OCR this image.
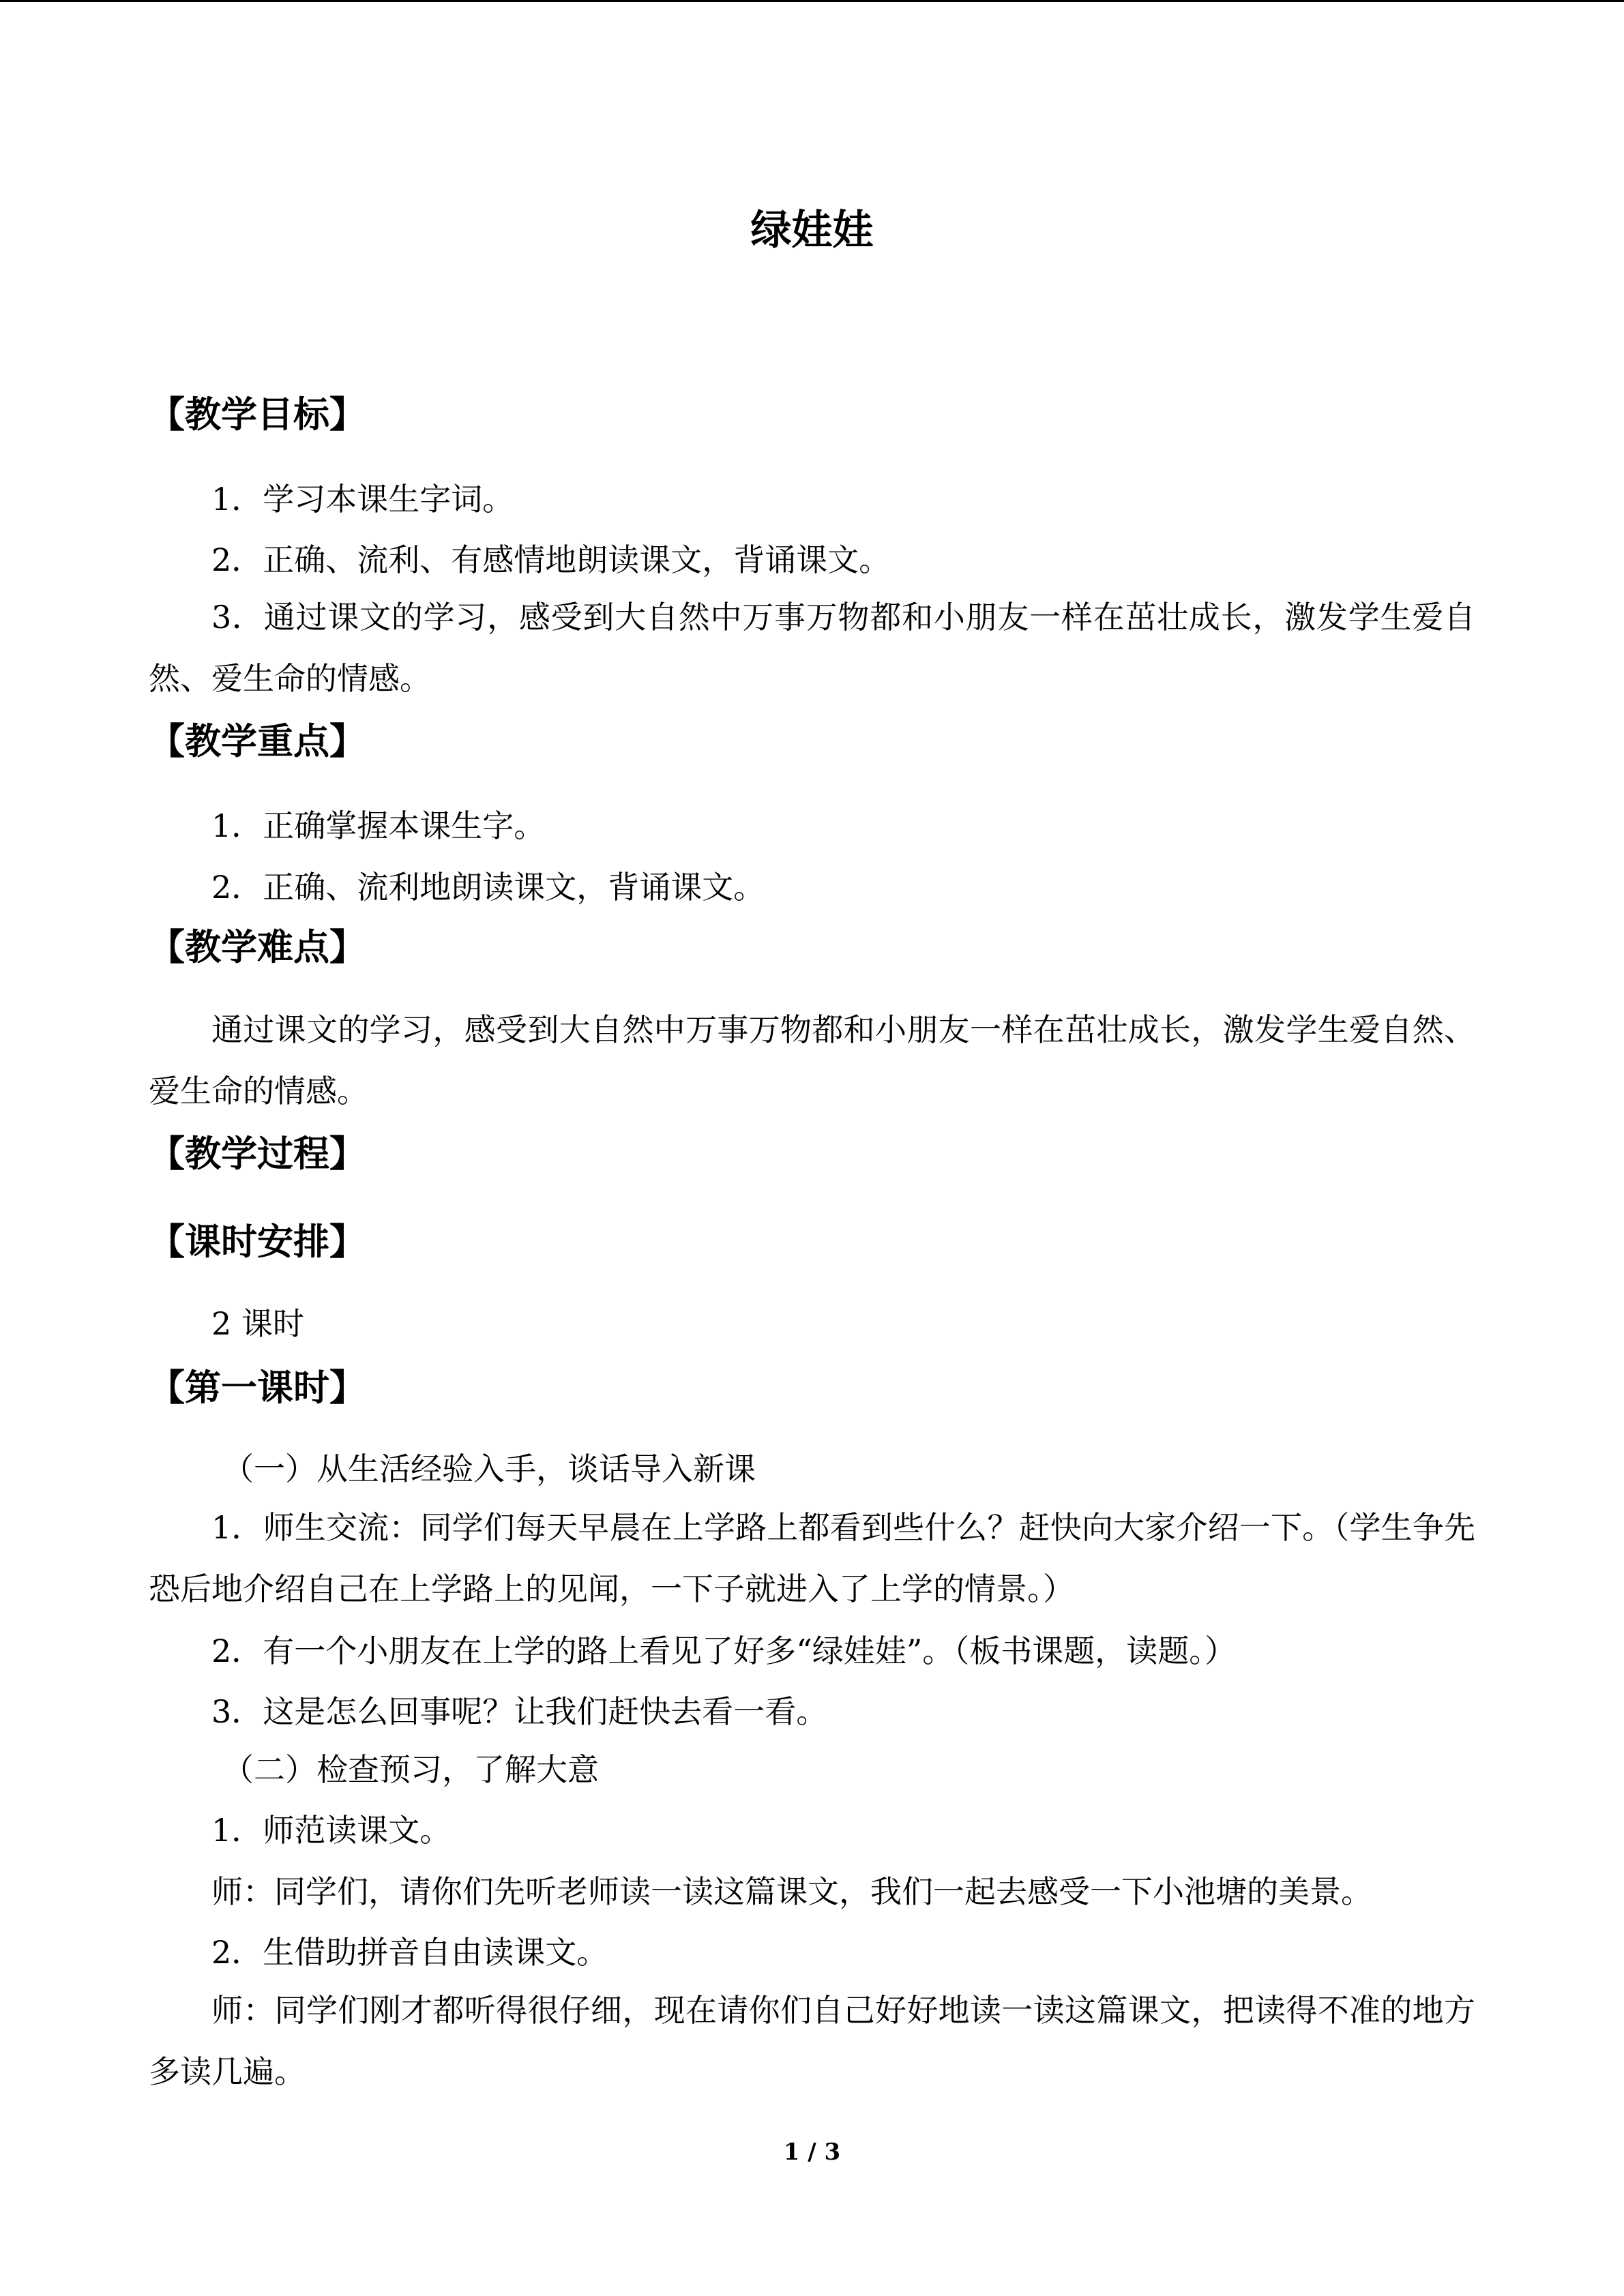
绿娃娃
【教学目标】
1．学习本课生字词。
2．正确、流利、有感情地朗读课文，背诵课文。

3．通过课文的学习，感受到大自然中万事万物都和小朋友一样在茁壮成长，激发学生爱自然、爱生命的情感。

【教学重点】
1．正确掌握本课生字。
2．正确、流利地朗读课文，背诵课文。
【教学难点】

通过课文的学习，感受到大自然中万事万物都和小朋友一样在茁壮成长，激发学生爱自然、爱生命的情感。

【教学过程】
【课时安排】
2 课时
【第一课时】
（一）从生活经验入手，谈话导入新课

1．师生交流：同学们每天早晨在上学路上都看到些什么？赶快向大家介绍一下。（学生争先恐后地介绍自己在上学路上的见闻，一下子就进入了上学的情景。）

2．有一个小朋友在上学的路上看见了好多“绿娃娃”。（板书课题，读题。）
3．这是怎么回事呢？让我们赶快去看一看。
（二）检查预习，了解大意
1．师范读课文。
师：同学们，请你们先听老师读一读这篇课文，我们一起去感受一下小池塘的美景。
2．生借助拼音自由读课文。

师：同学们刚才都听得很仔细，现在请你们自己好好地读一读这篇课文，把读得不准的地方多读几遍。

1 / 3
